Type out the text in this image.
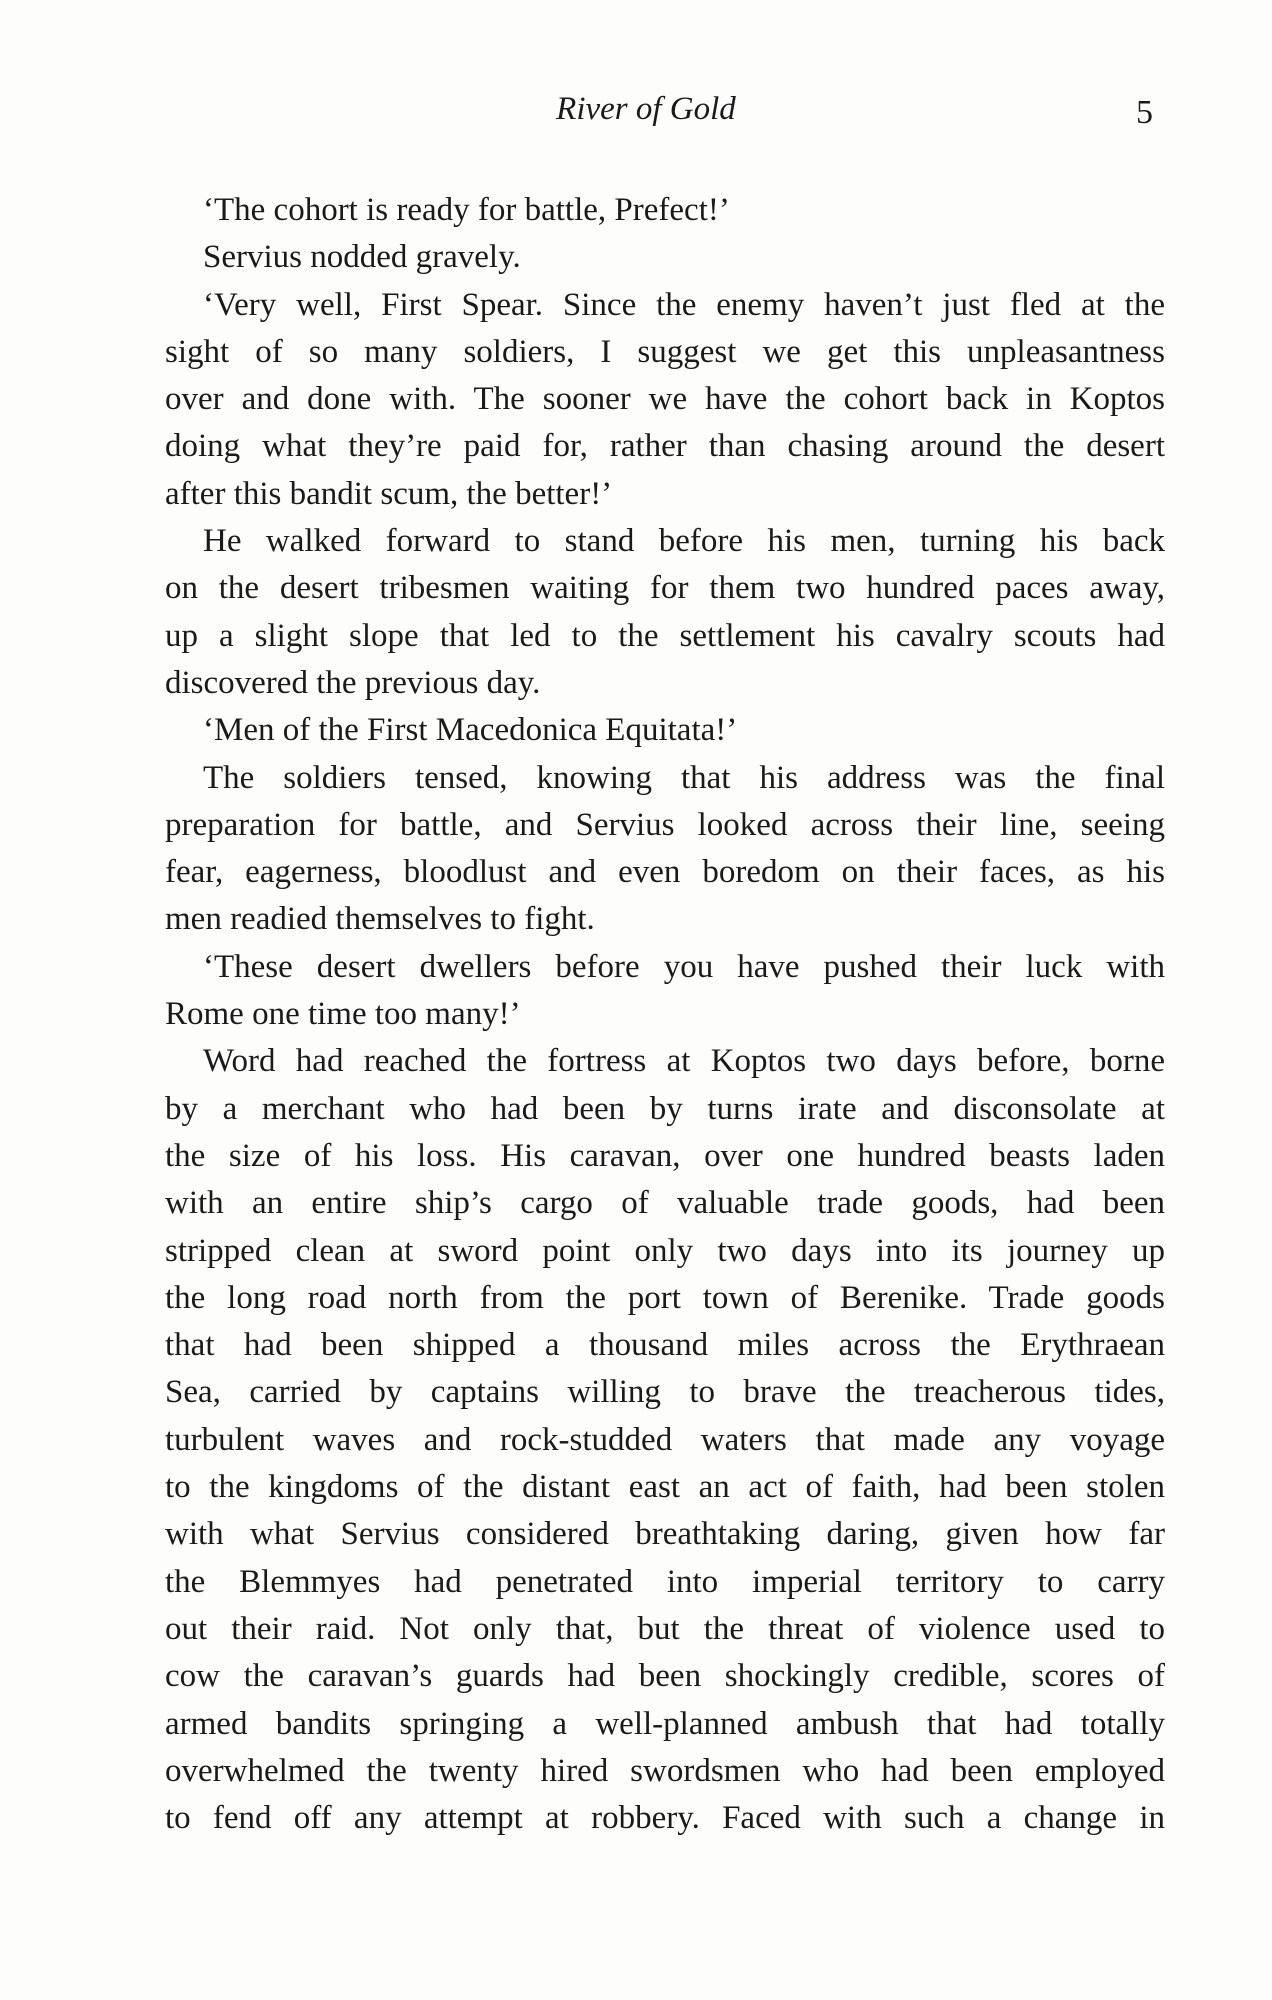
River of Gold	5
‘The cohort is ready for battle, Prefect!’
Servius nodded gravely.
‘Very well, First Spear. Since the enemy haven’t just fled at the
sight of so many soldiers, I suggest we get this unpleasantness
over and done with. The sooner we have the cohort back in Koptos
doing what they’re paid for, rather than chasing around the desert
after this bandit scum, the better!’
He walked forward to stand before his men, turning his back
on the desert tribesmen waiting for them two hundred paces away,
up a slight slope that led to the settlement his cavalry scouts had
discovered the previous day.
‘Men of the First Macedonica Equitata!’
The soldiers tensed, knowing that his address was the final
preparation for battle, and Servius looked across their line, seeing
fear, eagerness, bloodlust and even boredom on their faces, as his
men readied themselves to fight.
‘These desert dwellers before you have pushed their luck with
Rome one time too many!’
Word had reached the fortress at Koptos two days before, borne
by a merchant who had been by turns irate and disconsolate at
the size of his loss. His caravan, over one hundred beasts laden
with an entire ship’s cargo of valuable trade goods, had been
stripped clean at sword point only two days into its journey up
the long road north from the port town of Berenike. Trade goods
that had been shipped a thousand miles across the Erythraean
Sea, carried by captains willing to brave the treacherous tides,
turbulent waves and rock-studded waters that made any voyage
to the kingdoms of the distant east an act of faith, had been stolen
with what Servius considered breathtaking daring, given how far
the Blemmyes had penetrated into imperial territory to carry
out their raid. Not only that, but the threat of violence used to
cow the caravan’s guards had been shockingly credible, scores of
armed bandits springing a well-planned ambush that had totally
overwhelmed the twenty hired swordsmen who had been employed
to fend off any attempt at robbery. Faced with such a change in
